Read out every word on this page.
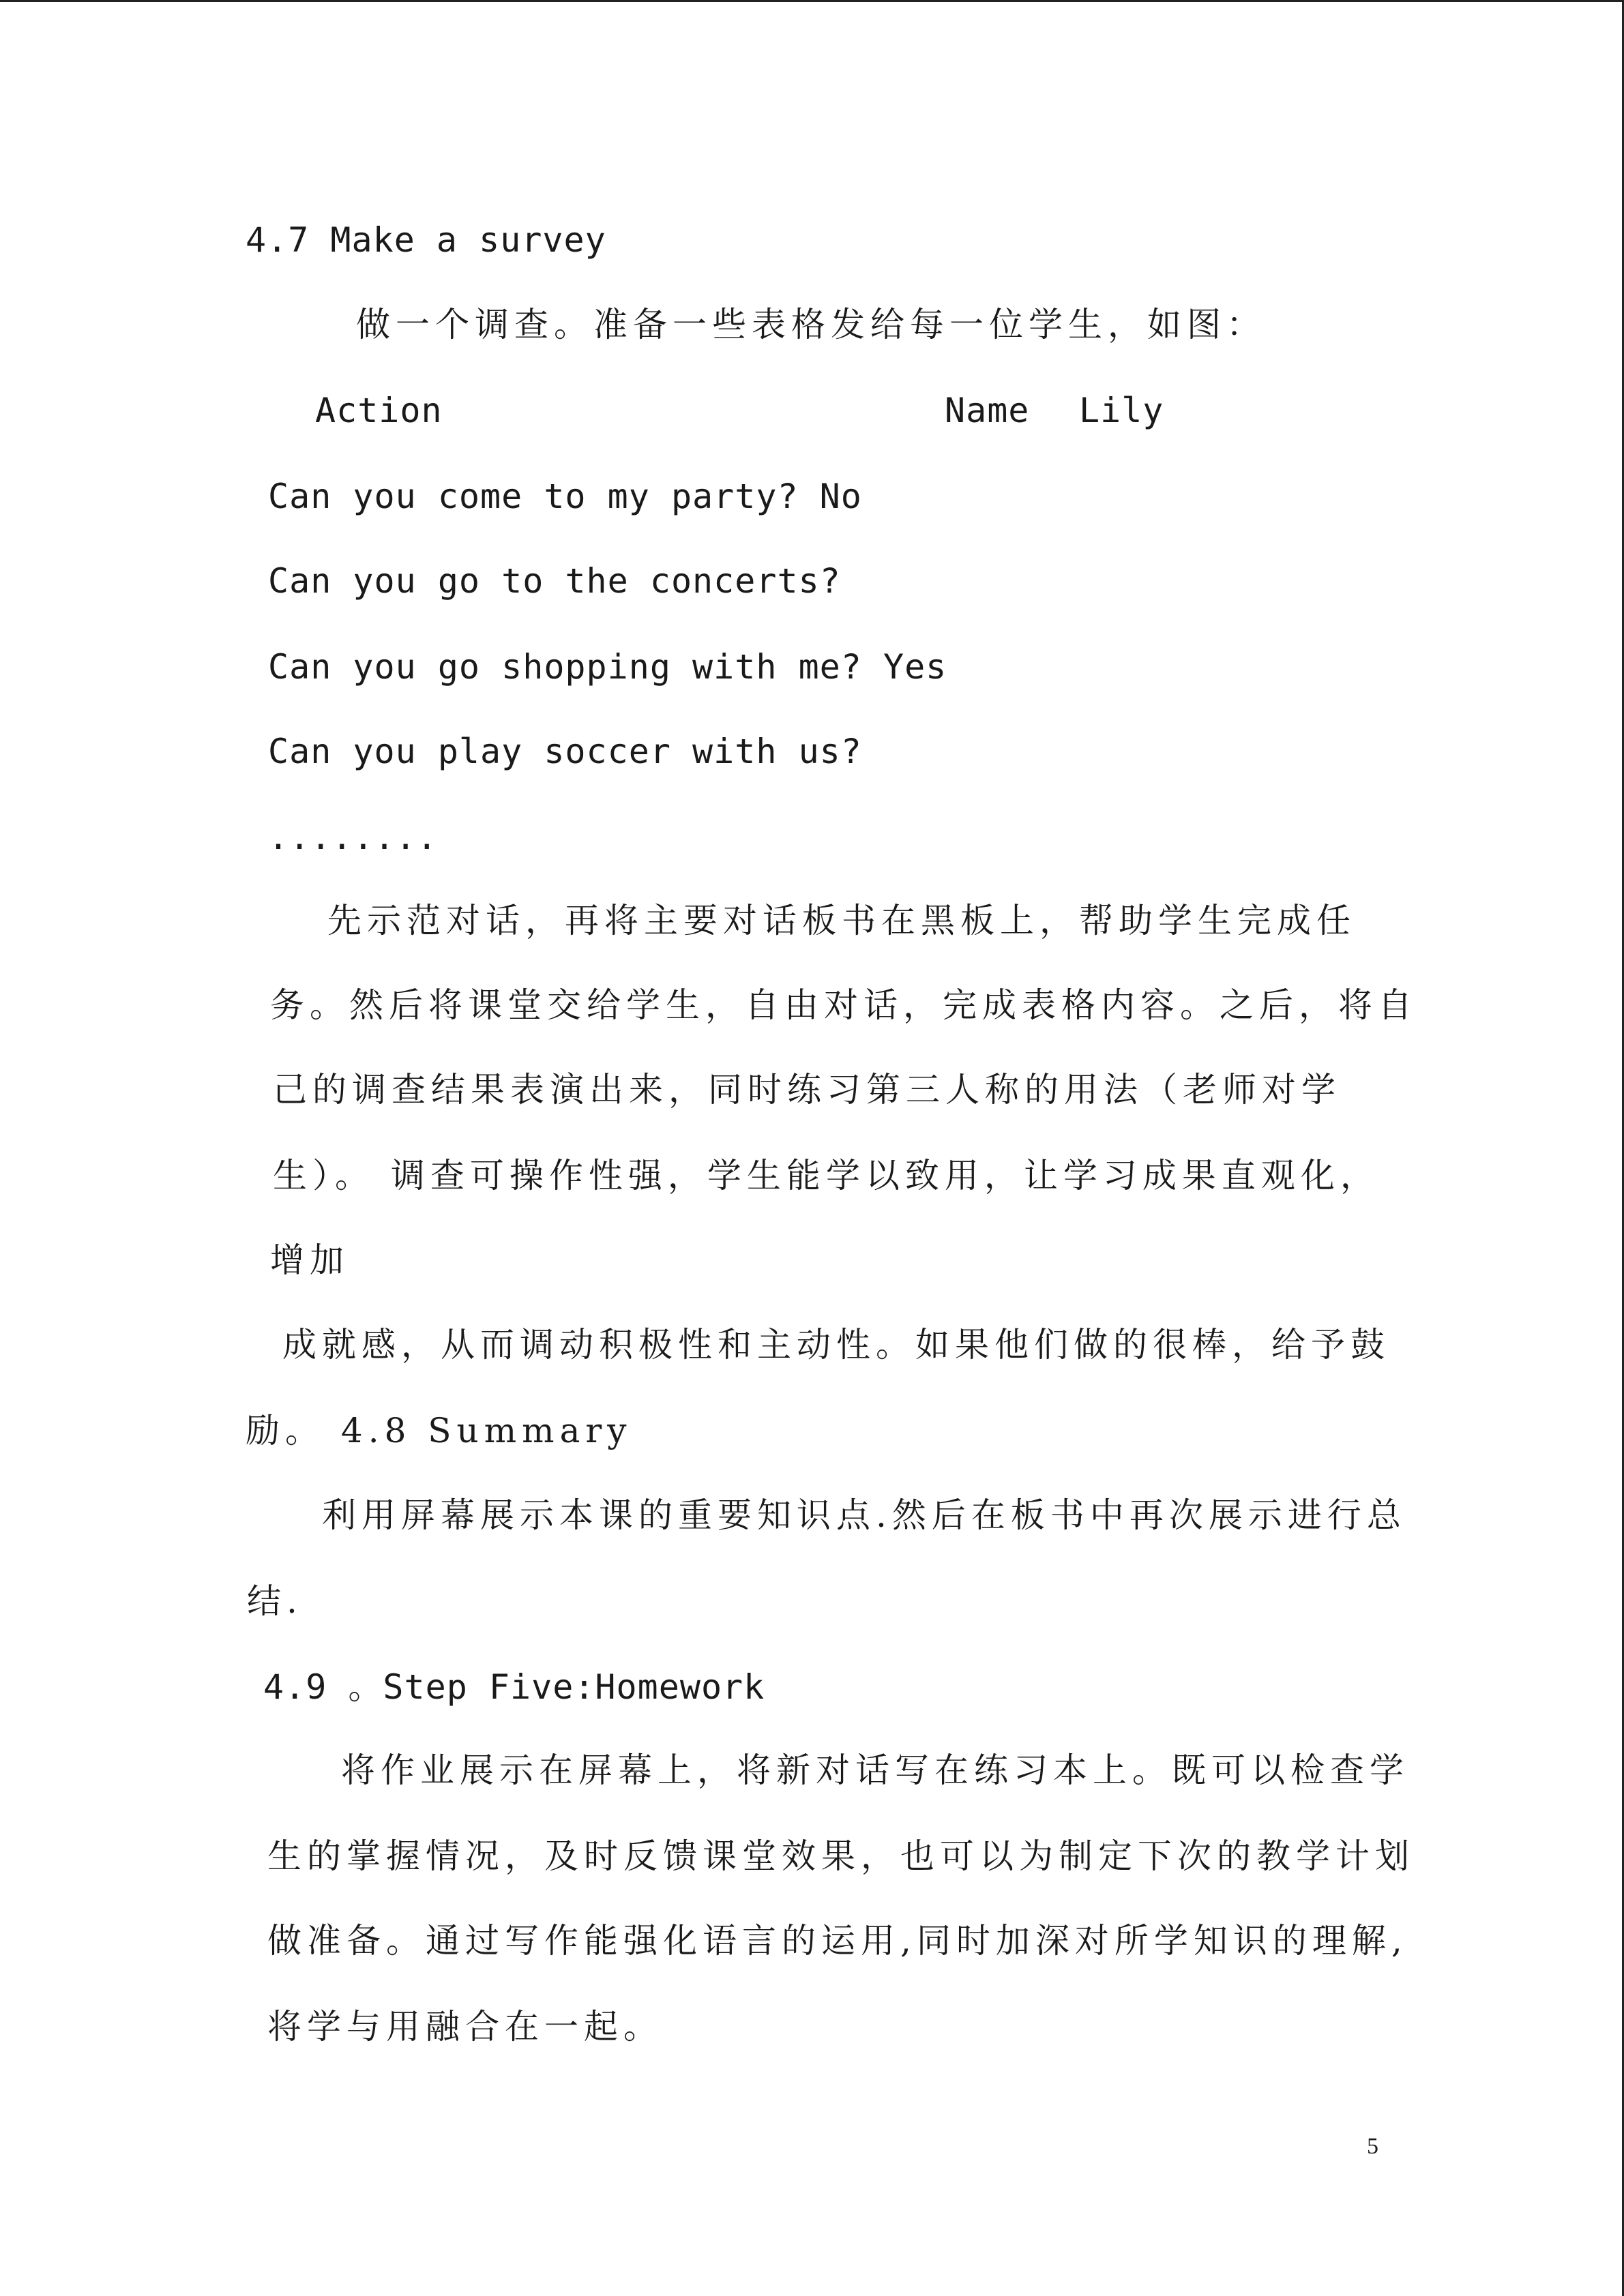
4.7 Make a survey
做一个调查。准备一些表格发给每一位学生，如图：
Action	Name Lily
Can you come to my party? No
Can you go to the concerts?
Can you go shopping with me? Yes
Can you play soccer with us?
........
先示范对话，再将主要对话板书在黑板上，帮助学生完成任
务。然后将课堂交给学生，自由对话，完成表格内容。之后，将自
己的调查结果表演出来，同时练习第三人称的用法（老师对学
生）。 调查可操作性强，学生能学以致用，让学习成果直观化，
增加
成就感，从而调动积极性和主动性。如果他们做的很棒，给予鼓
励。 4.8 Summary
利用屏幕展示本课的重要知识点.然后在板书中再次展示进行总
结.
4.9 。Step Five:Homework
将作业展示在屏幕上，将新对话写在练习本上。既可以检查学
生的掌握情况，及时反馈课堂效果，也可以为制定下次的教学计划
做准备。通过写作能强化语言的运用,同时加深对所学知识的理解,
将学与用融合在一起。
5
